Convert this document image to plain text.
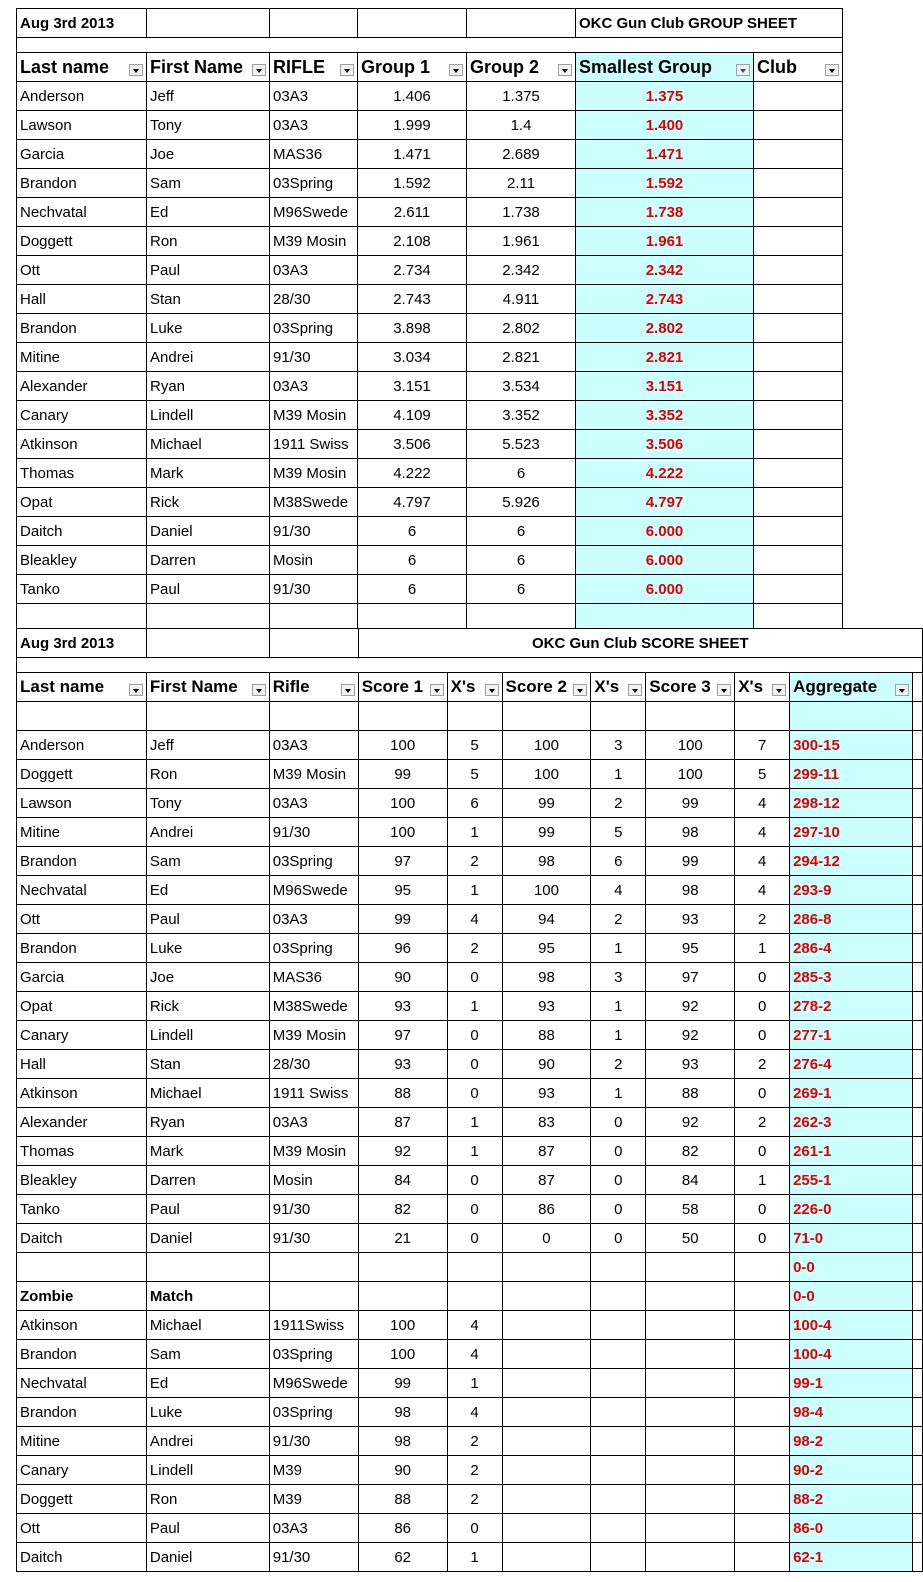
Aug 3rd 2013					OKC Gun Club GROUP SHEET	

Last name	First Name	RIFLE	Group 1	Group 2	Smallest Group	Club

Anderson	Jeff	03A3	1.406	1.375	1.375	
Lawson	Tony	03A3	1.999	1.4	1.400	
Garcia	Joe	MAS36	1.471	2.689	1.471	
Brandon	Sam	03Spring	1.592	2.11	1.592	
Nechvatal	Ed	M96Swede	2.611	1.738	1.738	
Doggett	Ron	M39 Mosin	2.108	1.961	1.961	
Ott	Paul	03A3	2.734	2.342	2.342	
Hall	Stan	28/30	2.743	4.911	2.743	
Brandon	Luke	03Spring	3.898	2.802	2.802	
Mitine	Andrei	91/30	3.034	2.821	2.821	
Alexander	Ryan	03A3	3.151	3.534	3.151	
Canary	Lindell	M39 Mosin	4.109	3.352	3.352	
Atkinson	Michael	1911 Swiss	3.506	5.523	3.506	
Thomas	Mark	M39 Mosin	4.222	6	4.222	
Opat	Rick	M38Swede	4.797	5.926	4.797	
Daitch	Daniel	91/30	6	6	6.000	
Bleakley	Darren	Mosin	6	6	6.000	
Tanko	Paul	91/30	6	6	6.000	

Aug 3rd 2013			OKC Gun Club SCORE SHEET							

Last name	First Name	Rifle	Score 1	X's	Score 2	X's	Score 3	X's	Aggregate

Anderson	Jeff	03A3	100	5	100	3	100	7	300-15	
Doggett	Ron	M39 Mosin	99	5	100	1	100	5	299-11	
Lawson	Tony	03A3	100	6	99	2	99	4	298-12	
Mitine	Andrei	91/30	100	1	99	5	98	4	297-10	
Brandon	Sam	03Spring	97	2	98	6	99	4	294-12	
Nechvatal	Ed	M96Swede	95	1	100	4	98	4	293-9	
Ott	Paul	03A3	99	4	94	2	93	2	286-8	
Brandon	Luke	03Spring	96	2	95	1	95	1	286-4	
Garcia	Joe	MAS36	90	0	98	3	97	0	285-3	
Opat	Rick	M38Swede	93	1	93	1	92	0	278-2	
Canary	Lindell	M39 Mosin	97	0	88	1	92	0	277-1	
Hall	Stan	28/30	93	0	90	2	93	2	276-4	
Atkinson	Michael	1911 Swiss	88	0	93	1	88	0	269-1	
Alexander	Ryan	03A3	87	1	83	0	92	2	262-3	
Thomas	Mark	M39 Mosin	92	1	87	0	82	0	261-1	
Bleakley	Darren	Mosin	84	0	87	0	84	1	255-1	
Tanko	Paul	91/30	82	0	86	0	58	0	226-0	
Daitch	Daniel	91/30	21	0	0	0	50	0	71-0	
									0-0	
Zombie	Match								0-0	
Atkinson	Michael	1911Swiss	100	4					100-4	
Brandon	Sam	03Spring	100	4					100-4	
Nechvatal	Ed	M96Swede	99	1					99-1	
Brandon	Luke	03Spring	98	4					98-4	
Mitine	Andrei	91/30	98	2					98-2	
Canary	Lindell	M39	90	2					90-2	
Doggett	Ron	M39	88	2					88-2	
Ott	Paul	03A3	86	0					86-0	
Daitch	Daniel	91/30	62	1					62-1	
